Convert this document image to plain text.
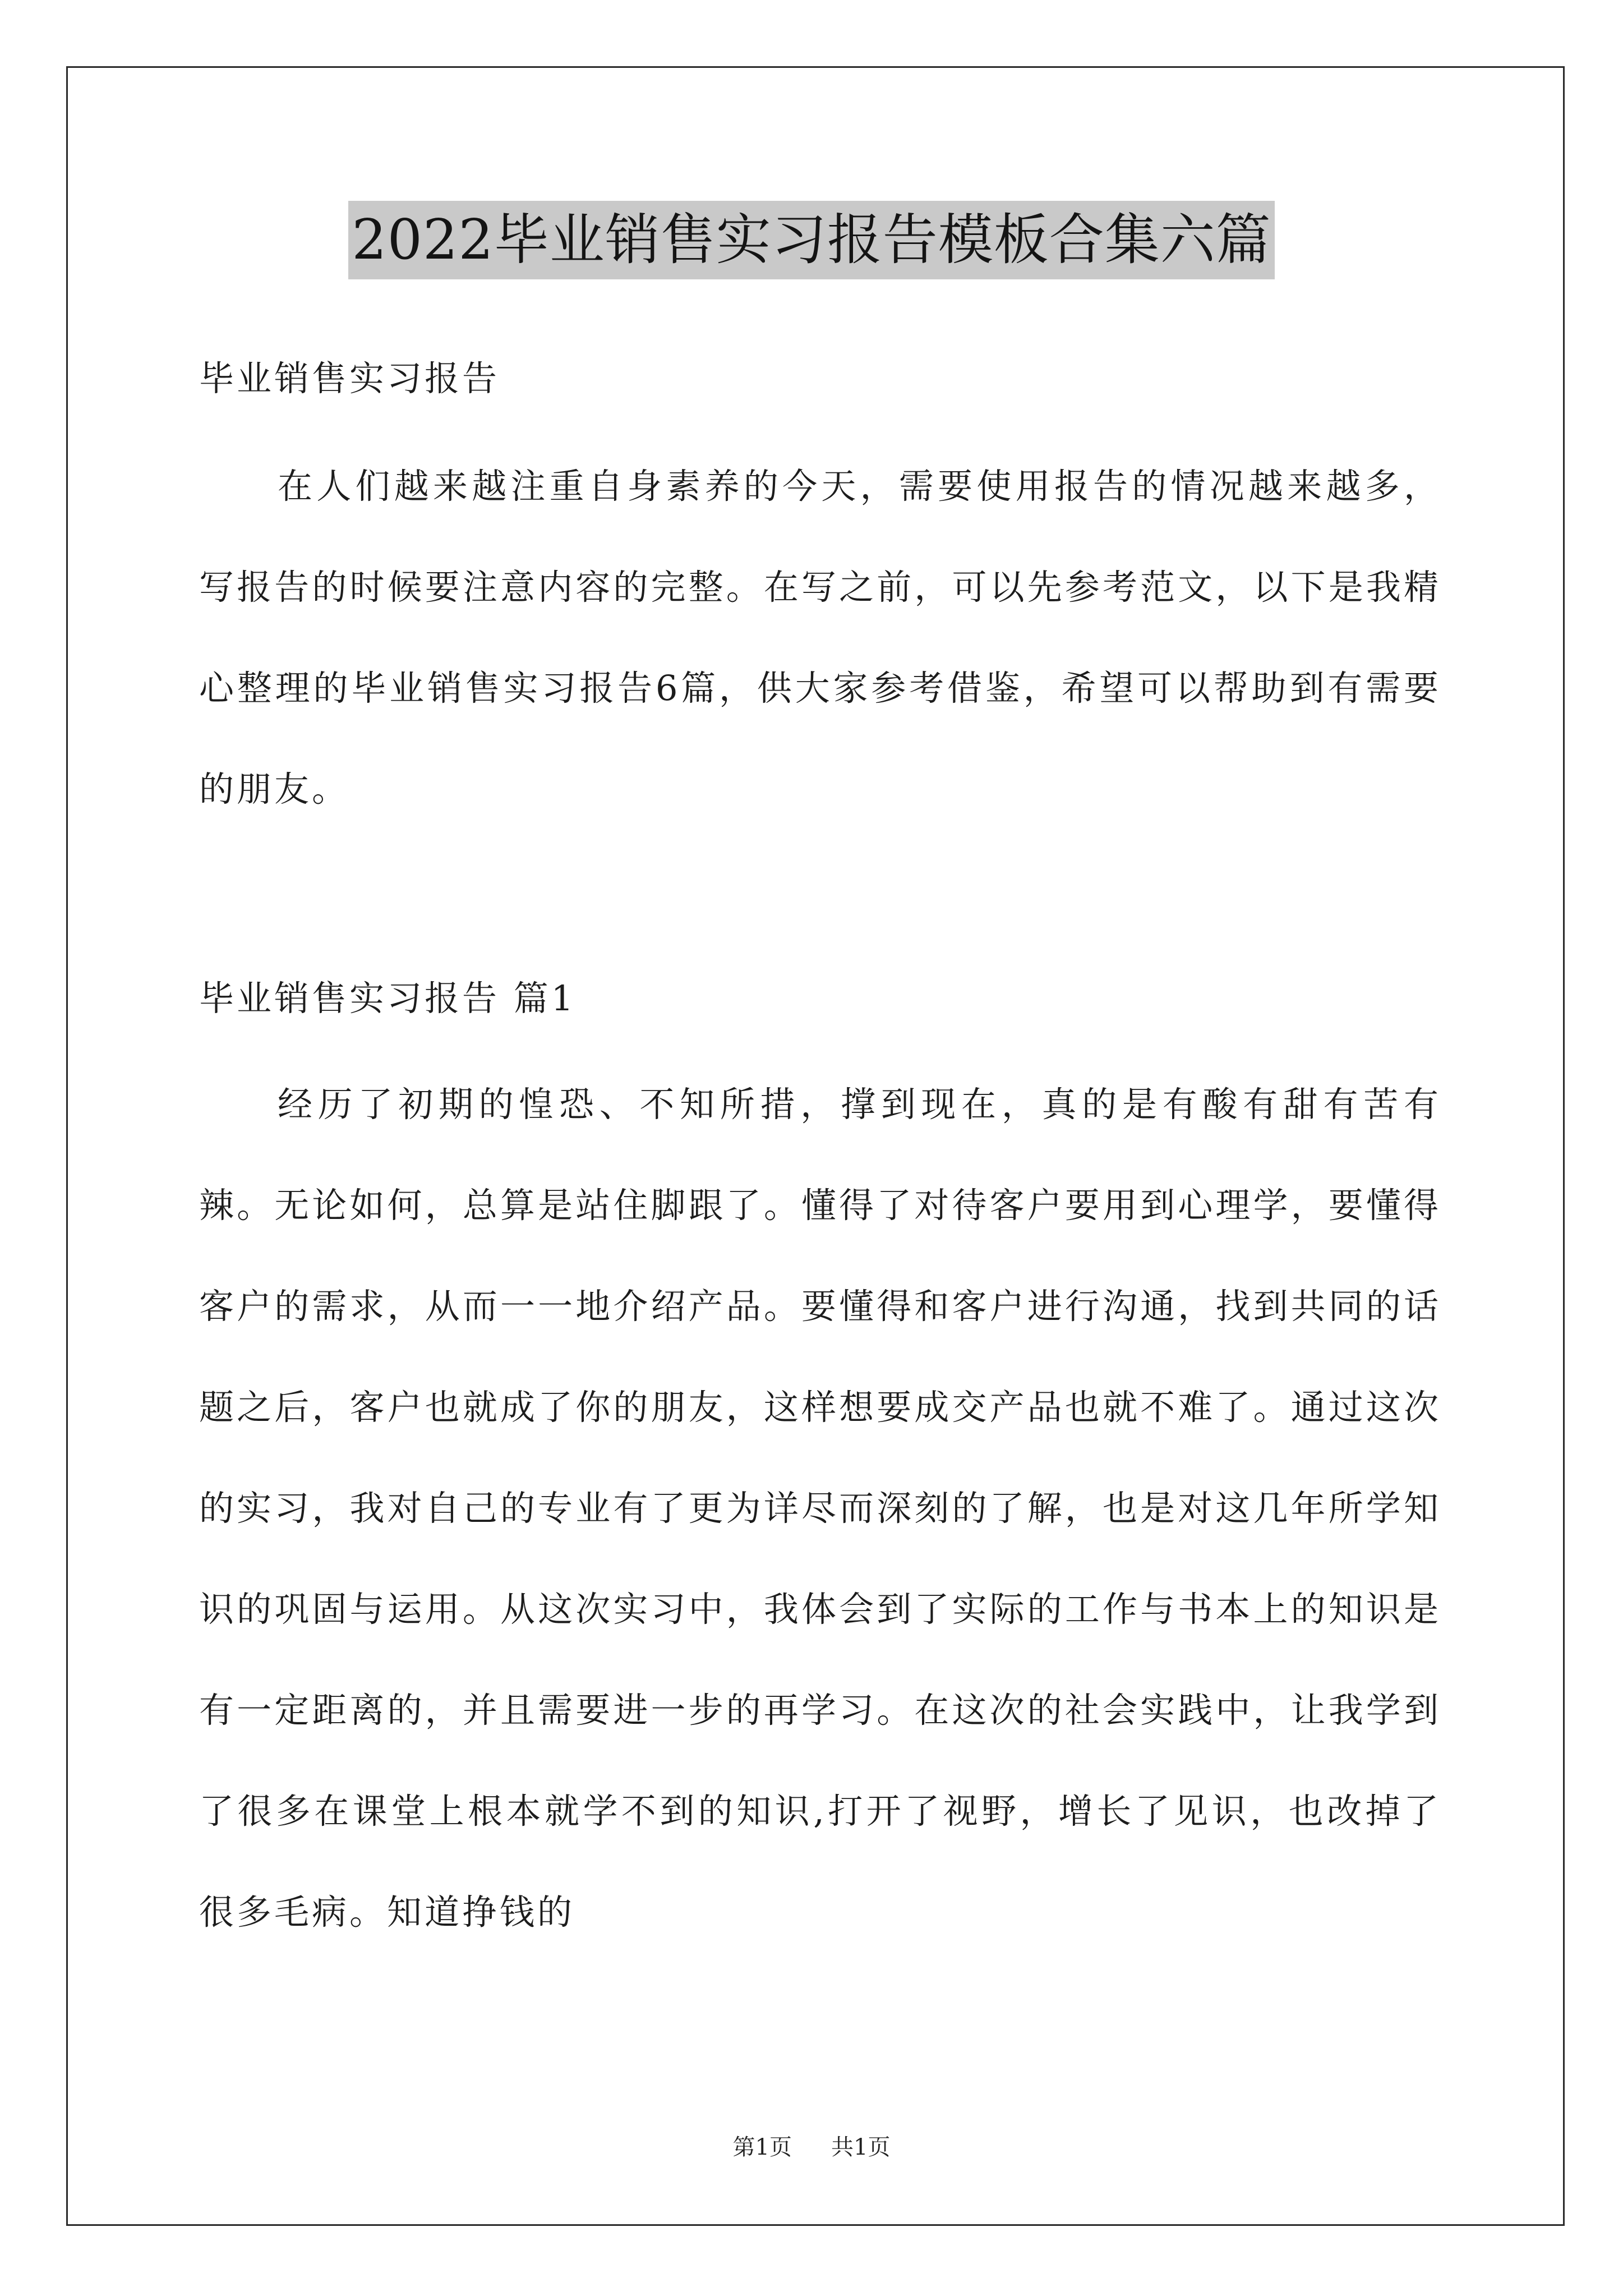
2022毕业销售实习报告模板合集六篇
毕业销售实习报告

在人们越来越注重自身素养的今天，需要使用报告的情况越来越多，写报告的时候要注意内容的完整。在写之前，可以先参考范文，以下是我精心整理的毕业销售实习报告6篇，供大家参考借鉴，希望可以帮助到有需要的朋友。

毕业销售实习报告 篇1

经历了初期的惶恐、不知所措，撑到现在，真的是有酸有甜有苦有辣。无论如何，总算是站住脚跟了。懂得了对待客户要用到心理学，要懂得客户的需求，从而一一地介绍产品。要懂得和客户进行沟通，找到共同的话题之后，客户也就成了你的朋友，这样想要成交产品也就不难了。通过这次的实习，我对自己的专业有了更为详尽而深刻的了解，也是对这几年所学知识的巩固与运用。从这次实习中，我体会到了实际的工作与书本上的知识是有一定距离的，并且需要进一步的再学习。在这次的社会实践中，让我学到了很多在课堂上根本就学不到的知识,打开了视野，增长了见识，也改掉了很多毛病。知道挣钱的

第1页 共1页
